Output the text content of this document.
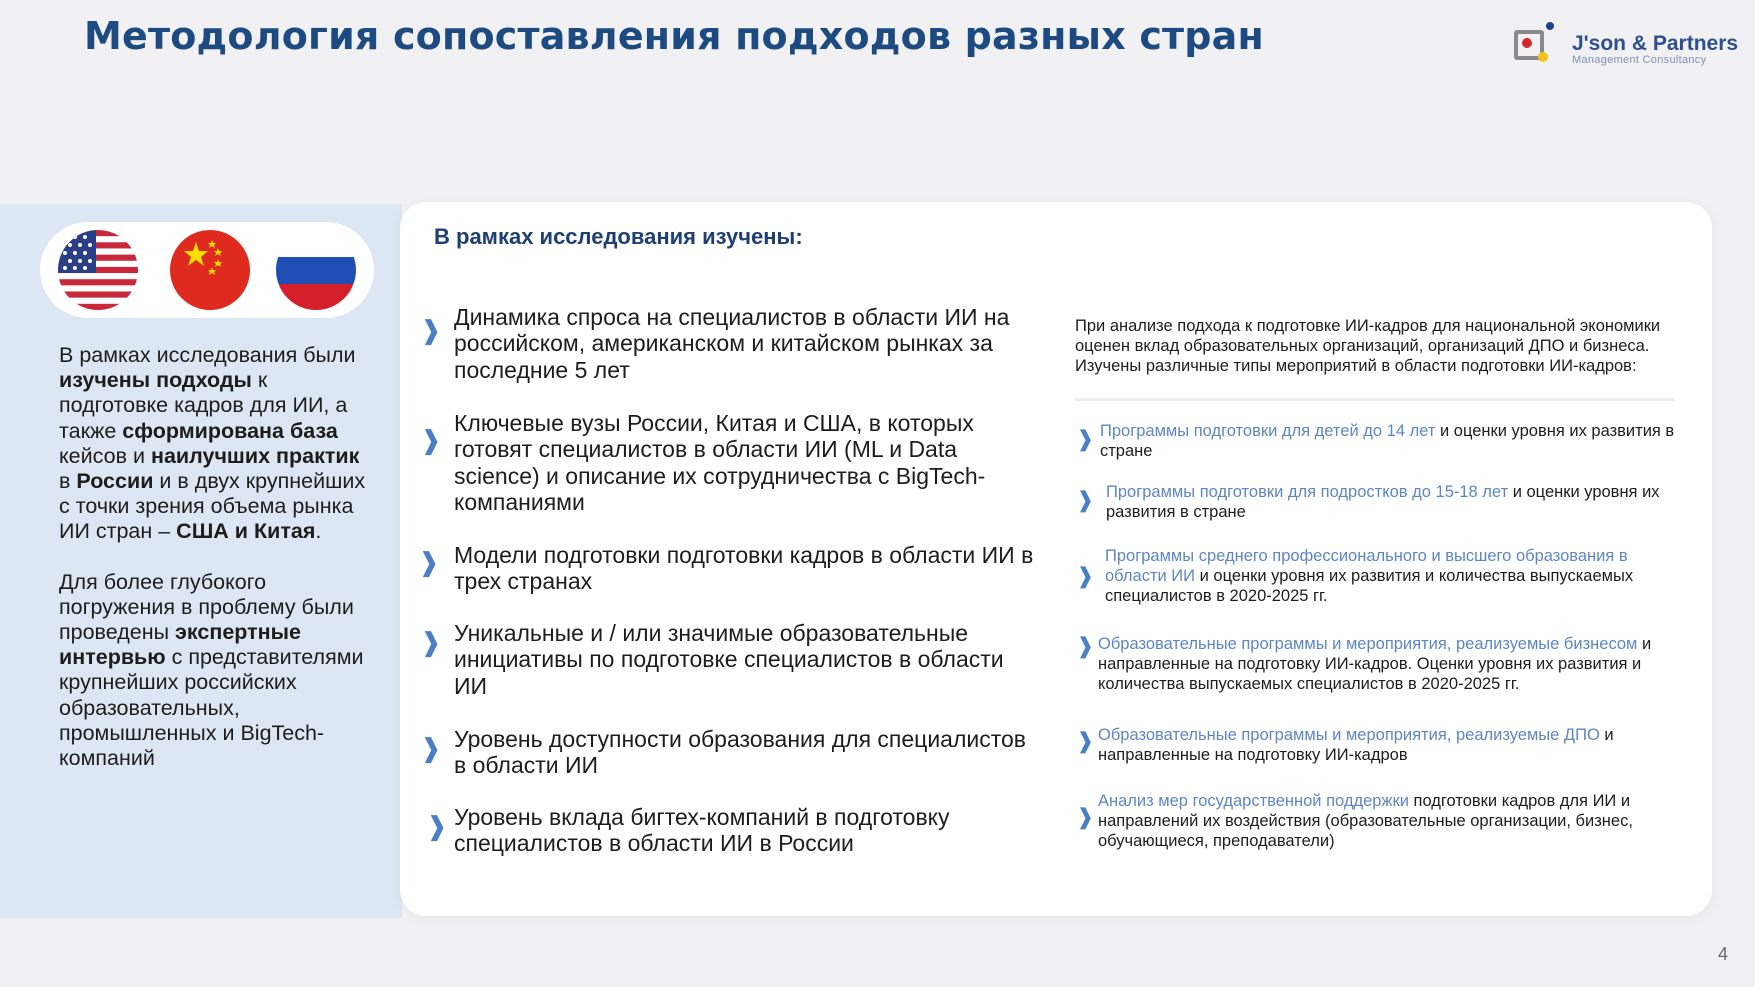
Методология сопоставления подходов разных стран	J'son & Partners
Management Consultancy

В рамках исследования были изучены подходы к подготовке кадров для ИИ, а также сформирована база кейсов и наилучших практик в России и в двух крупнейших с точки зрения объема рынка ИИ стран – США и Китая.

Для более глубокого погружения в проблему были проведены экспертные интервью с представителями крупнейших российских образовательных, промышленных и BigTech-компаний

В рамках исследования изучены:
❱ Динамика спроса на специалистов в области ИИ на российском, американском и китайском рынках за последние 5 лет
❱
Ключевые вузы России, Китая и США, в которых готовят специалистов в области ИИ (ML и Data science) и описание их сотрудничества с BigTech-компаниями
❱ Модели подготовки подготовки кадров в области ИИ в трех странах
❱ Уникальные и / или значимые образовательные инициативы по подготовке специалистов в области ИИ
❱ Уровень доступности образования для специалистов в области ИИ
❱ Уровень вклада бигтех-компаний в подготовку специалистов в области ИИ в России
При анализе подхода к подготовке ИИ-кадров для национальной экономики оценен вклад образовательных организаций, организаций ДПО и бизнеса. Изучены различные типы мероприятий в области подготовки ИИ-кадров:
❱ Программы подготовки для детей до 14 лет и оценки уровня их развития в стране
❱ Программы подготовки для подростков до 15-18 лет и оценки уровня их развития в стране
❱
Программы среднего профессионального и высшего образования в области ИИ и оценки уровня их развития и количества выпускаемых специалистов в 2020-2025 гг.
❱ Образовательные программы и мероприятия, реализуемые бизнесом и направленные на подготовку ИИ-кадров. Оценки уровня их развития и количества выпускаемых специалистов в 2020-2025 гг.
❱ Образовательные программы и мероприятия, реализуемые ДПО и направленные на подготовку ИИ-кадров
❱
Анализ мер государственной поддержки подготовки кадров для ИИ и направлений их воздействия (образовательные организации, бизнес, обучающиеся, преподаватели)
4
